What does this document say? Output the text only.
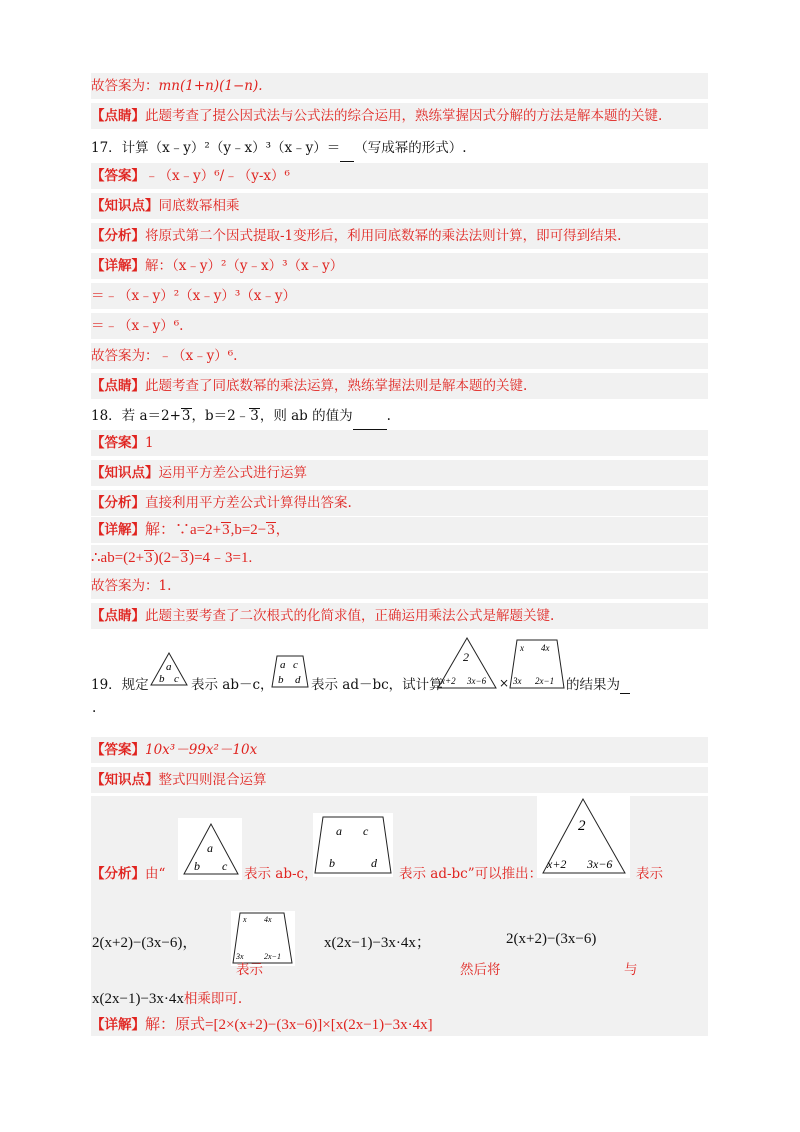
故答案为：mn(1+n)(1−n).
【点睛】此题考查了提公因式法与公式法的综合运用，熟练掌握因式分解的方法是解本题的关键.
17．计算（x﹣y）²（y﹣x）³（x﹣y）＝ （写成幂的形式）.
【答案】﹣（x﹣y）⁶/﹣（y-x）⁶
【知识点】同底数幂相乘
【分析】将原式第二个因式提取-1变形后，利用同底数幂的乘法法则计算，即可得到结果.
【详解】解：（x﹣y）²（y﹣x）³（x﹣y）
＝﹣（x﹣y）²（x﹣y）³（x﹣y）
＝﹣（x﹣y）⁶.
故答案为：﹣（x﹣y）⁶.
【点睛】此题考查了同底数幂的乘法运算，熟练掌握法则是解本题的关键.
18．若 a＝2+3，b＝2﹣3，则 ab 的值为	.
【答案】1
【知识点】运用平方差公式进行运算
【分析】直接利用平方差公式计算得出答案.
【详解】解：∵a=2+3,b=2−3，
∴ab=(2+3)(2−3)=4﹣3=1.
故答案为：1.
【点睛】此题主要考查了二次根式的化简求值，正确运用乘法公式是解题关键.
19．规定
a
b c 表示 ab－c，
a c
b d 表示 ad－bc，试计算
2
x+2 3x−6 ×
x 4x
3x 2x−1 的结果为
.
【答案】10x³－99x²－10x
【知识点】整式四则混合运算
【分析】由“
a
b c 表示 ab-c，
a c
b	d
表示 ad-bc”可以推出：
2
x+2 3x−6
表示
2(x+2)−(3x−6)，
x 4x
3x	2x−1
表示
x(2x−1)−3x·4x；
然后将
2(x+2)−(3x−6)
与
x(2x−1)−3x·4x相乘即可.
【详解】解：原式=[2×(x+2)−(3x−6)]×[x(2x−1)−3x·4x]
